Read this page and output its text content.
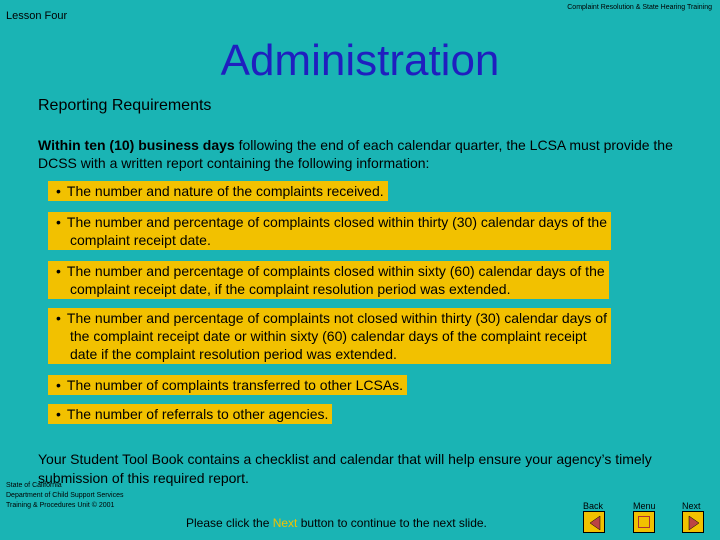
Lesson Four
Complaint Resolution & State Hearing Training
Administration
Reporting Requirements
Within ten (10) business days following the end of each calendar quarter, the LCSA must provide the DCSS with a written report containing the following information:
• The number and nature of the complaints received.
• The number and percentage of complaints closed within thirty (30) calendar days of the
complaint receipt date.
• The number and percentage of complaints closed within sixty (60) calendar days of the
complaint receipt date, if the complaint resolution period was extended.
• The number and percentage of complaints not closed within thirty (30) calendar days of
the complaint receipt date or within sixty (60) calendar days of the complaint receipt
date if the complaint resolution period was extended.
• The number of complaints transferred to other LCSAs.
• The number of referrals to other agencies.
Your Student Tool Book contains a checklist and calendar that will help ensure your agency’s timely submission of this required report.
State of California
Department of Child Support Services
Training & Procedures Unit © 2001
Please click the Next button to continue to the next slide.
Back	Menu	Next
